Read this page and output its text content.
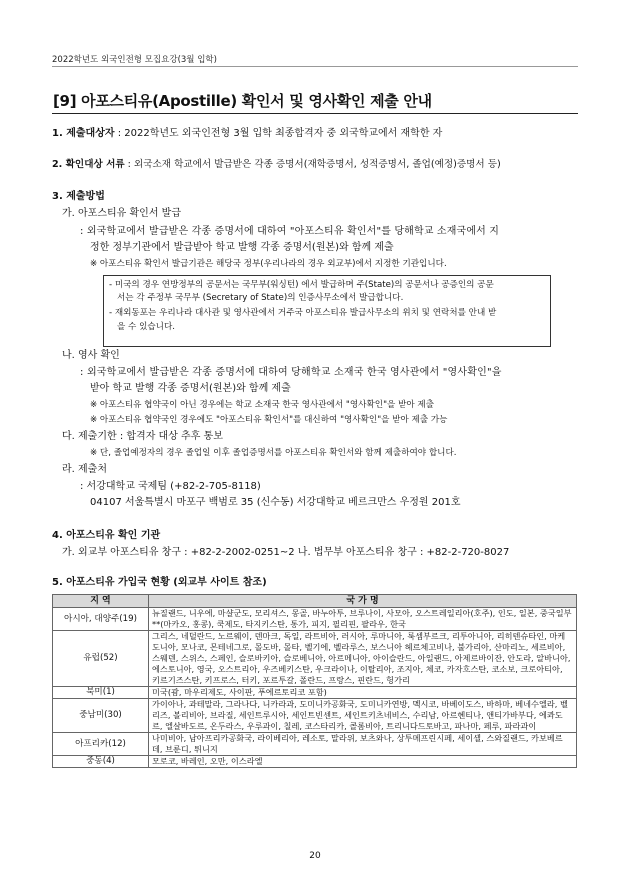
2022학년도 외국인전형 모집요강(3월 입학)
[9] 아포스티유(Apostille) 확인서 및 영사확인 제출 안내
1. 제출대상자 : 2022학년도 외국인전형 3월 입학 최종합격자 중 외국학교에서 재학한 자
2. 확인대상 서류 : 외국소재 학교에서 발급받은 각종 증명서(재학증명서, 성적증명서, 졸업(예정)증명서 등)
3. 제출방법
가. 아포스티유 확인서 발급
: 외국학교에서 발급받은 각종 증명서에 대하여 "아포스티유 확인서"를 당해학교 소재국에서 지
정한 정부기관에서 발급받아 학교 발행 각종 증명서(원본)와 함께 제출
※ 아포스티유 확인서 발급기관은 해당국 정부(우리나라의 경우 외교부)에서 지정한 기관입니다.
- 미국의 경우 연방정부의 공문서는 국무부(워싱턴) 에서 발급하며 주(State)의 공문서나 공증인의 공문
서는 각 주정부 국무부 (Secretary of State)의 인증사무소에서 발급합니다.
- 재외동포는 우리나라 대사관 및 영사관에서 거주국 아포스티유 발급사무소의 위치 및 연락처를 안내 받
을 수 있습니다.
나. 영사 확인
: 외국학교에서 발급받은 각종 증명서에 대하여 당해학교 소재국 한국 영사관에서 "영사확인"을
받아 학교 발행 각종 증명서(원본)와 함께 제출
※ 아포스티유 협약국이 아닌 경우에는 학교 소재국 한국 영사관에서 "영사확인"을 받아 제출
※ 아포스티유 협약국인 경우에도 "아포스티유 확인서"를 대신하여 "영사확인"을 받아 제출 가능
다. 제출기한 : 합격자 대상 추후 통보
※ 단, 졸업예정자의 경우 졸업일 이후 졸업증명서를 아포스티유 확인서와 함께 제출하여야 합니다.
라. 제출처
: 서강대학교 국제팀 (+82-2-705-8118)
04107 서울특별시 마포구 백범로 35 (신수동) 서강대학교 베르크만스 우정원 201호
4. 아포스티유 확인 기관
가. 외교부 아포스티유 창구 : +82-2-2002-0251~2 나. 법무부 아포스티유 창구 : +82-2-720-8027
5. 아포스티유 가입국 현황 (외교부 사이트 참조)
지 역	국 가 명
아시아, 대양주(19)	뉴질랜드, 니우에, 마샬군도, 모리셔스, 몽골, 바누아투, 브루나이, 사모아, 오스트레일리아(호주), 인도, 일본, 중국일부**(마카오, 홍콩), 쿡제도, 타지키스탄, 통가, 피지, 필리핀, 팔라우, 한국
유럽(52)	그리스, 네덜란드, 노르웨이, 덴마크, 독일, 라트비아, 러시아, 루마니아, 룩셈부르크, 리투아니아, 리히텐슈타인, 마케도니아, 모나코, 몬테네그로, 몰도바, 몰타, 벨기에, 벨라루스, 보스니아 헤르체고비나, 불가리아, 산마리노, 세르비아, 스웨덴, 스위스, 스페인, 슬로바키아, 슬로베니아, 아르메니아, 아이슬란드, 아일랜드, 아제르바이잔, 안도라, 알바니아, 에스토니아, 영국, 오스트리아, 우즈베키스탄, 우크라이나, 이탈리아, 조지아, 체코, 카자흐스탄, 코소보, 크로아티아, 키르기즈스탄, 키프로스, 터키, 포르투갈, 폴란드, 프랑스, 핀란드, 헝가리
북미(1)	미국(괌, 마우리제도, 사이판, 푸에르토리코 포함)
중남미(30)	가이아나, 과테말라, 그라나다, 니카라과, 도미니카공화국, 도미니카연방, 멕시코, 바베이도스, 바하마, 베네수엘라, 벨리즈, 볼리비아, 브라질, 세인트루시아, 세인트빈센트, 세인트키츠네비스, 수리남, 아르헨티나, 앤티가바부다, 에콰도르, 엘살바도르, 온두라스, 우루과이, 칠레, 코스타리카, 콜롬비아, 트리니다드토바고, 파나마, 페루, 파라과이
아프리카(12)	나미비아, 남아프리카공화국, 라이베리아, 레소토, 말라위, 보츠와나, 상투메프린시페, 세이셸, 스와질랜드, 카보베르데, 브룬디, 튀니지
중동(4)	모로코, 바레인, 오만, 이스라엘
20
